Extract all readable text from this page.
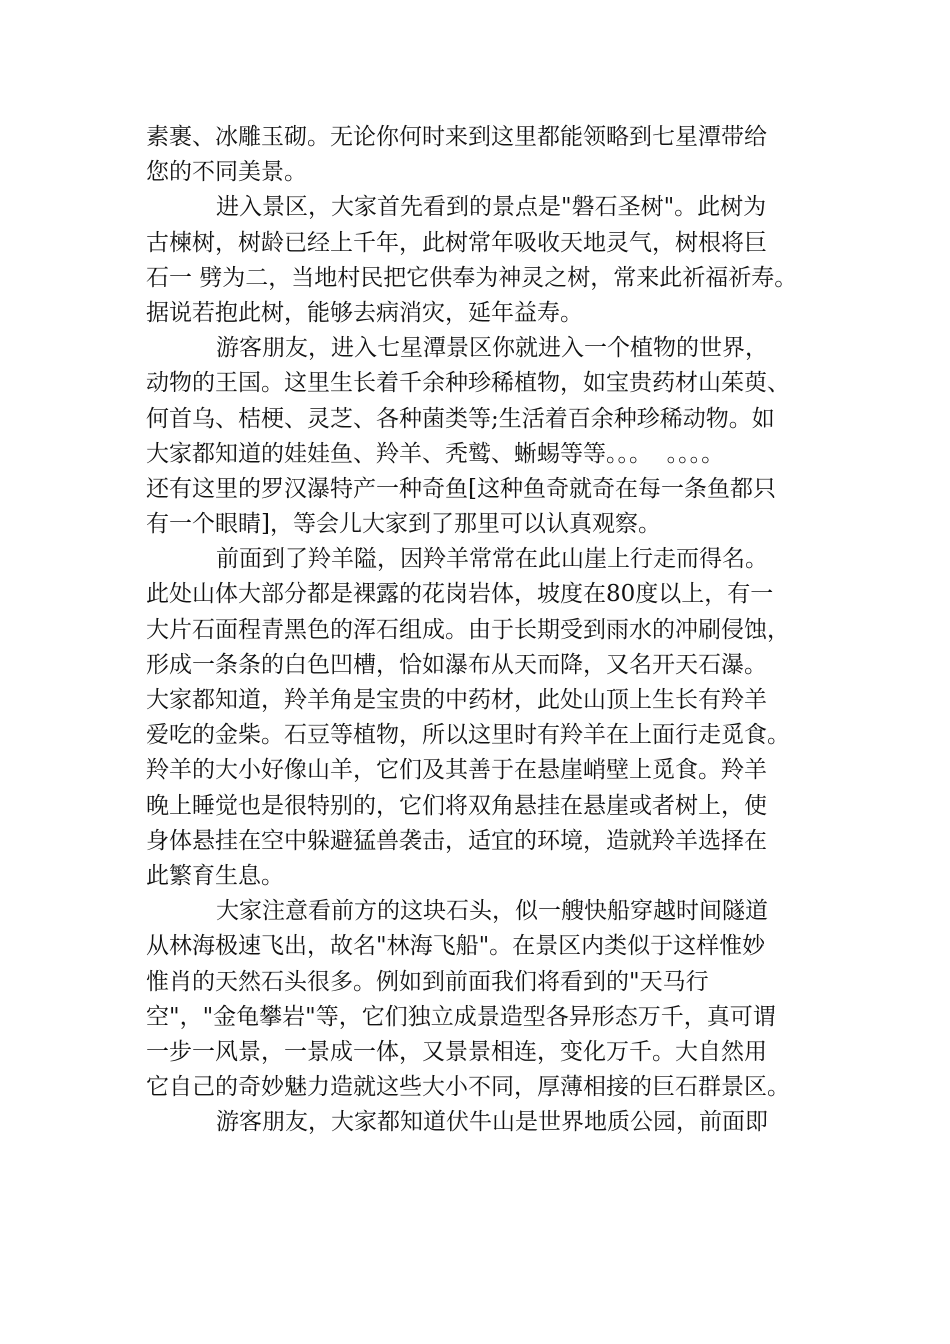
素裹、冰雕玉砌。无论你何时来到这里都能领略到七星潭带给
您的不同美景。
进入景区，大家首先看到的景点是"磐石圣树"。此树为
古楝树，树龄已经上千年，此树常年吸收天地灵气，树根将巨
石一 劈为二，当地村民把它供奉为神灵之树，常来此祈福祈寿。
据说若抱此树，能够去病消灾，延年益寿。
游客朋友，进入七星潭景区你就进入一个植物的世界，
动物的王国。这里生长着千余种珍稀植物，如宝贵药材山茱萸、
何首乌、桔梗、灵芝、各种菌类等;生活着百余种珍稀动物。如
大家都知道的娃娃鱼、羚羊、秃鹫、蜥蜴等等。。。  。。。。
还有这里的罗汉瀑特产一种奇鱼[这种鱼奇就奇在每一条鱼都只
有一个眼睛]，等会儿大家到了那里可以认真观察。
前面到了羚羊隘，因羚羊常常在此山崖上行走而得名。
此处山体大部分都是裸露的花岗岩体，坡度在80度以上，有一
大片石面程青黑色的浑石组成。由于长期受到雨水的冲刷侵蚀，
形成一条条的白色凹槽，恰如瀑布从天而降，又名开天石瀑。
大家都知道，羚羊角是宝贵的中药材，此处山顶上生长有羚羊
爱吃的金柴。石豆等植物，所以这里时有羚羊在上面行走觅食。
羚羊的大小好像山羊，它们及其善于在悬崖峭壁上觅食。羚羊
晚上睡觉也是很特别的，它们将双角悬挂在悬崖或者树上，使
身体悬挂在空中躲避猛兽袭击，适宜的环境，造就羚羊选择在
此繁育生息。
大家注意看前方的这块石头，似一艘快船穿越时间隧道
从林海极速飞出，故名"林海飞船"。在景区内类似于这样惟妙
惟肖的天然石头很多。例如到前面我们将看到的"天马行
空"，"金龟攀岩"等，它们独立成景造型各异形态万千，真可谓
一步一风景，一景成一体，又景景相连，变化万千。大自然用
它自己的奇妙魅力造就这些大小不同，厚薄相接的巨石群景区。
游客朋友，大家都知道伏牛山是世界地质公园，前面即
